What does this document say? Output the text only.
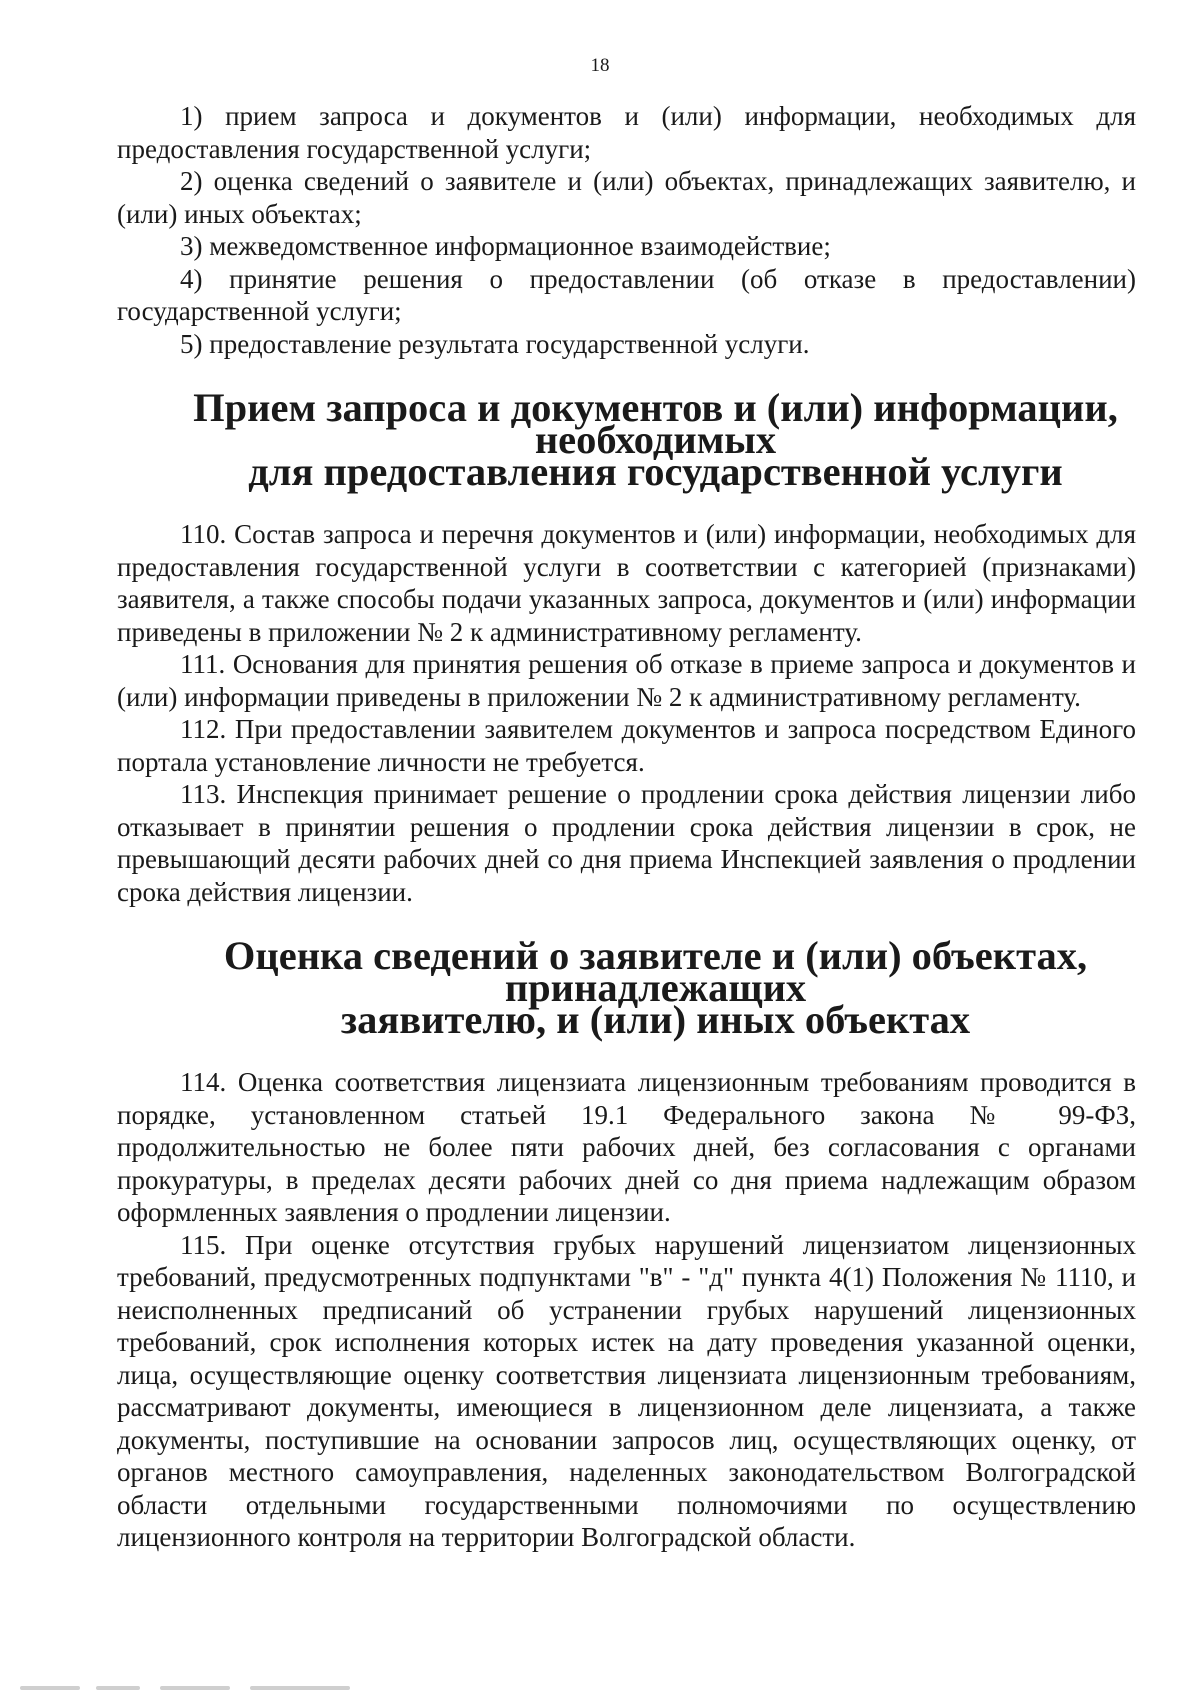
18

1) прием запроса и документов и (или) информации, необходимых для предоставления государственной услуги;

2) оценка сведений о заявителе и (или) объектах, принадлежащих заявителю, и (или) иных объектах;

3) межведомственное информационное взаимодействие;

4) принятие решения о предоставлении (об отказе в предоставлении) государственной услуги;

5) предоставление результата государственной услуги.

Прием запроса и документов и (или) информации, необходимых
для предоставления государственной услуги

110. Состав запроса и перечня документов и (или) информации, необходимых для предоставления государственной услуги в соответствии с категорией (признаками) заявителя, а также способы подачи указанных запроса, документов и (или) информации приведены в приложении № 2 к административному регламенту.

111. Основания для принятия решения об отказе в приеме запроса и документов и (или) информации приведены в приложении № 2 к административному регламенту.

112. При предоставлении заявителем документов и запроса посредством Единого портала установление личности не требуется.

113. Инспекция принимает решение о продлении срока действия лицензии либо отказывает в принятии решения о продлении срока действия лицензии в срок, не превышающий десяти рабочих дней со дня приема Инспекцией заявления о продлении срока действия лицензии.

Оценка сведений о заявителе и (или) объектах, принадлежащих
заявителю, и (или) иных объектах

114. Оценка соответствия лицензиата лицензионным требованиям проводится в порядке, установленном статьей 19.1 Федерального закона № 99-ФЗ, продолжительностью не более пяти рабочих дней, без согласования с органами прокуратуры, в пределах десяти рабочих дней со дня приема надлежащим образом оформленных заявления о продлении лицензии.

115. При оценке отсутствия грубых нарушений лицензиатом лицензионных требований, предусмотренных подпунктами "в" - "д" пункта 4(1) Положения № 1110, и неисполненных предписаний об устранении грубых нарушений лицензионных требований, срок исполнения которых истек на дату проведения указанной оценки, лица, осуществляющие оценку соответствия лицензиата лицензионным требованиям, рассматривают документы, имеющиеся в лицензионном деле лицензиата, а также документы, поступившие на основании запросов лиц, осуществляющих оценку, от органов местного самоуправления, наделенных законодательством Волгоградской области отдельными государственными полномочиями по осуществлению лицензионного контроля на территории Волгоградской области.
